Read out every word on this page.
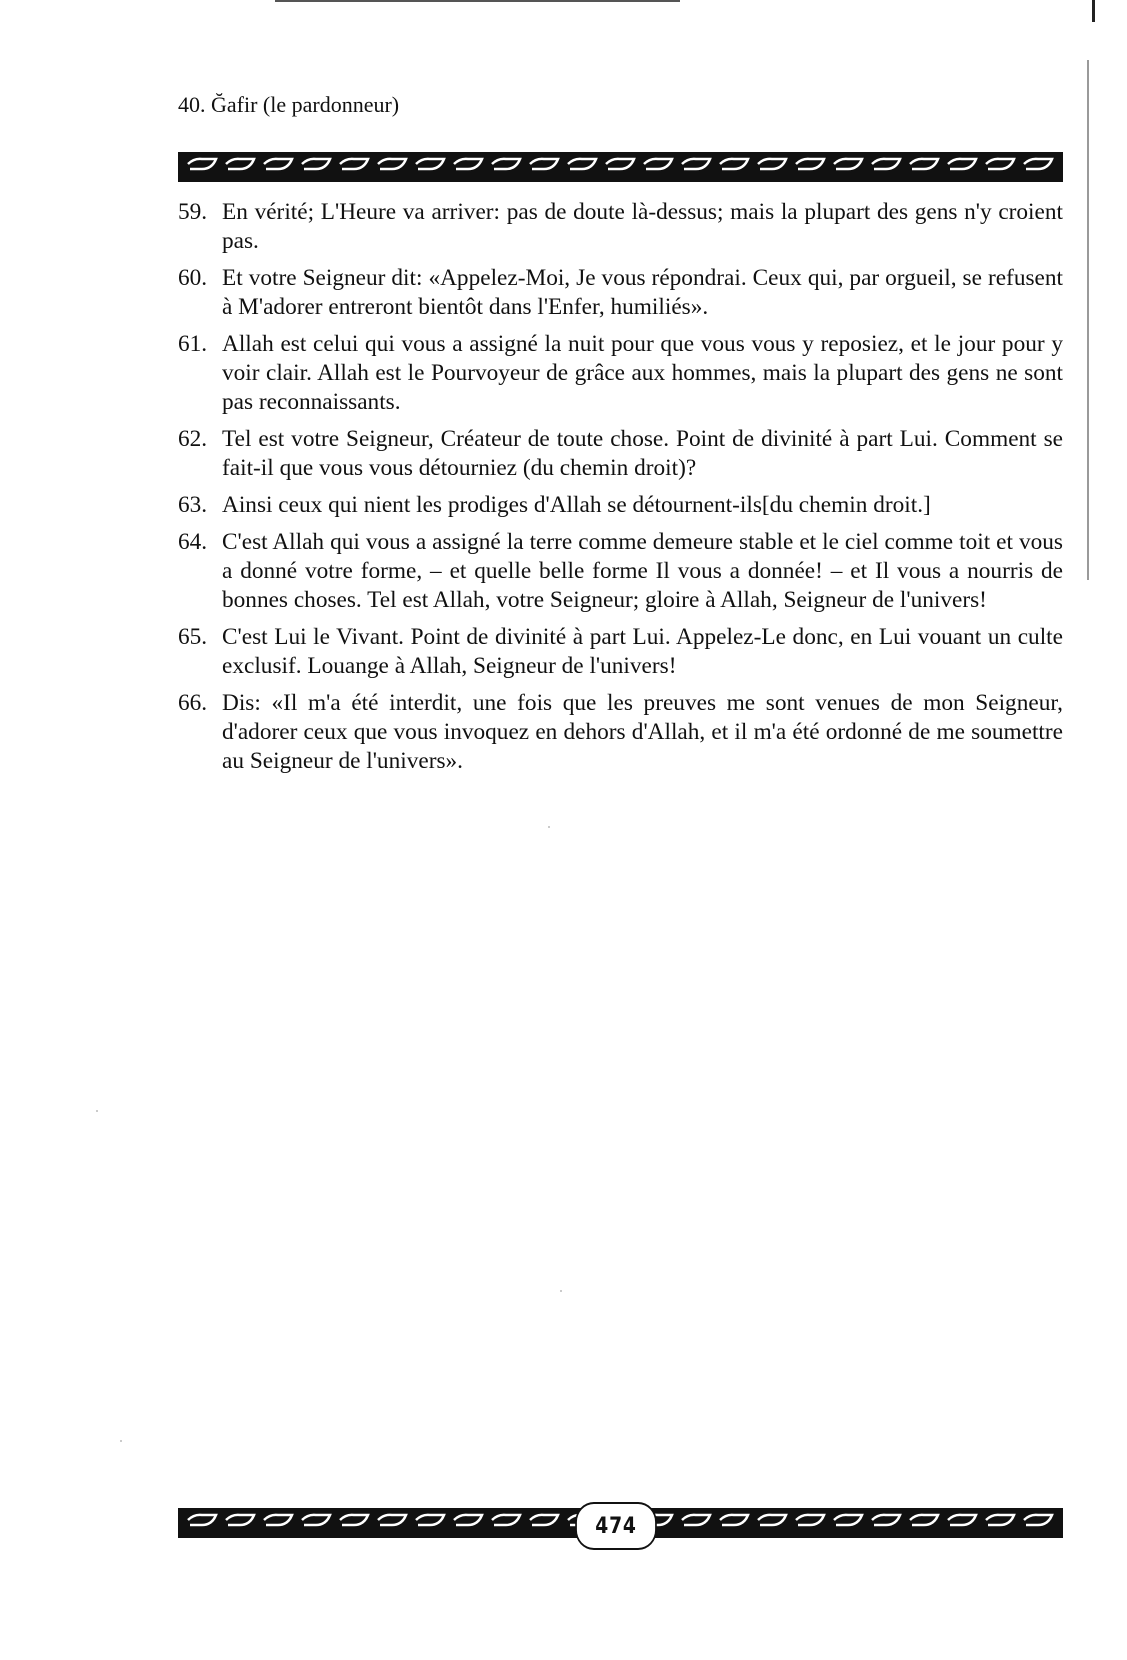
40. Ğafir (le pardonneur)
59. En vérité; L'Heure va arriver: pas de doute là-dessus; mais la plupart des gens n'y croient pas.
60. Et votre Seigneur dit: «Appelez-Moi, Je vous répondrai. Ceux qui, par orgueil, se refusent à M'adorer entreront bientôt dans l'Enfer, humiliés».
61. Allah est celui qui vous a assigné la nuit pour que vous vous y reposiez, et le jour pour y voir clair. Allah est le Pourvoyeur de grâce aux hommes, mais la plupart des gens ne sont pas reconnaissants.
62. Tel est votre Seigneur, Créateur de toute chose. Point de divinité à part Lui. Comment se fait-il que vous vous détourniez (du chemin droit)?
63. Ainsi ceux qui nient les prodiges d'Allah se détournent-ils[du chemin droit.]
64. C'est Allah qui vous a assigné la terre comme demeure stable et le ciel comme toit et vous a donné votre forme, – et quelle belle forme Il vous a donnée! – et Il vous a nourris de bonnes choses. Tel est Allah, votre Seigneur; gloire à Allah, Seigneur de l'univers!
65. C'est Lui le Vivant. Point de divinité à part Lui. Appelez-Le donc, en Lui vouant un culte exclusif. Louange à Allah, Seigneur de l'univers!
66. Dis: «Il m'a été interdit, une fois que les preuves me sont venues de mon Seigneur, d'adorer ceux que vous invoquez en dehors d'Allah, et il m'a été ordonné de me soumettre au Seigneur de l'univers».
474
